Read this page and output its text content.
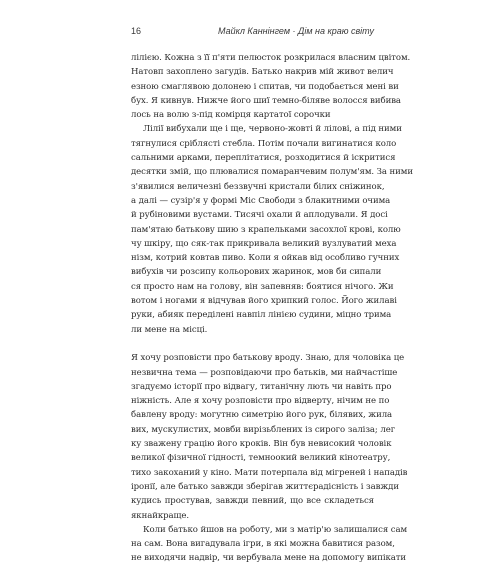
16	Майкл Каннінгем · Дім на краю світу
лілією. Кожна з її п'яти пелюсток розкрилася власним цвітом.
Натовп захоплено загудів. Батько накрив мій живот велич
езною смаглявою долонею і спитав, чи подобається мені ви
бух. Я кивнув. Нижче його шиї темно-біляве волосся вибива
лось на волю з-під комірця картатої сорочки
Лілії вибухали ще і ще, червоно-жовті й лілові, а під ними
тягнулися сріблясті стебла. Потім почали вигинатися коло
сальними арками, переплітатися, розходитися й іскритися
десятки змій, що плювалися помаранчевим полум'ям. За ними
з'явилися величезні беззвучні кристали білих сніжинок,
а далі — сузір'я у формі Міс Свободи з блакитними очима
й рубіновими вустами. Тисячі охали й аплодували. Я досі
пам'ятаю батькову шию з крапельками засохлої крові, колю
чу шкіру, що сяк-так прикривала великий вузлуватий меха
нізм, котрий ковтав пиво. Коли я ойкав від особливо гучних
вибухів чи розсипу кольорових жаринок, мов би сипали
ся просто нам на голову, він запевняв: боятися нічого. Жи
вотом і ногами я відчував його хрипкий голос. Його жилаві
руки, абияк переділені навпіл лінією судини, міцно трима
ли мене на місці.
Я хочу розповісти про батькову вроду. Знаю, для чоловіка це
незвична тема — розповідаючи про батьків, ми найчастіше
згадуємо історії про відвагу, титанічну лють чи навіть про
ніжність. Але я хочу розповісти про відверту, нічим не по
бавлену вроду: могутню симетрію його рук, білявих, жила
вих, мускулистих, мовби вирізьблених із сирого заліза; лег
ку зважену грацію його кроків. Він був невисокий чоловік
великої фізичної гідності, темноокий великий кінотеатру,
тихо закоханий у кіно. Мати потерпала від мігреней і нападів
іронії, але батько завжди зберігав життєрадісність і завжди
кудись простував, завжди певний, що все складеться
якнайкраще.
Коли батько йшов на роботу, ми з матір'ю залишалися сам
на сам. Вона вигадувала ігри, в які можна бавитися разом,
не виходячи надвір, чи вербувала мене на допомогу випікати
